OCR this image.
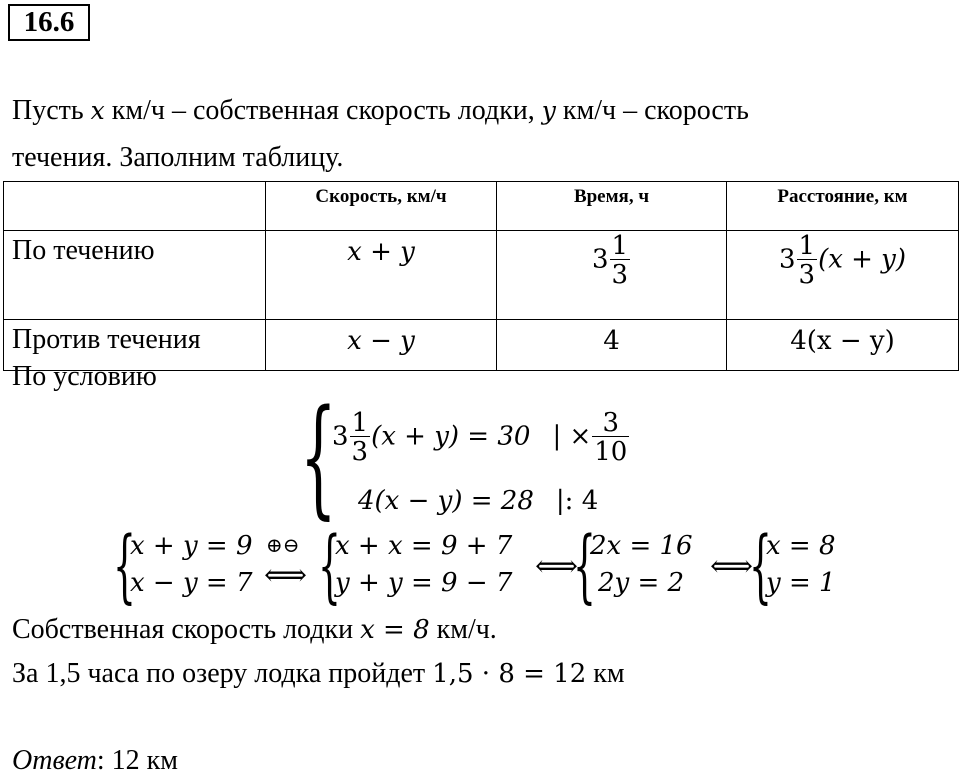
16.6
Пусть x км/ч – собственная скорость лодки, y км/ч – скорость
течения. Заполним таблицу.
	Скорость, км/ч	Время, ч	Расстояние, км
По течению	x + y	$3 \frac{1}{3}$	$3 \frac{1}{3} (x + y)$
Против течения	x − y	4	4(x − y)
По условию
{
$3 \frac{1}{3} (x + y) = 30$ | × $\frac{3}{10}$
4(x − y) = 28 |: 4
{
x + y = 9
x − y = 7
⊕⊖
⟺ {
x + x = 9 + 7
y + y = 9 − 7 ⟺
{
2x = 16
2y = 2 ⟺
{
x = 8
y = 1
Собственная скорость лодки x = 8 км/ч.
За 1,5 часа по озеру лодка пройдет 1,5 · 8 = 12 км
Ответ: 12 км
